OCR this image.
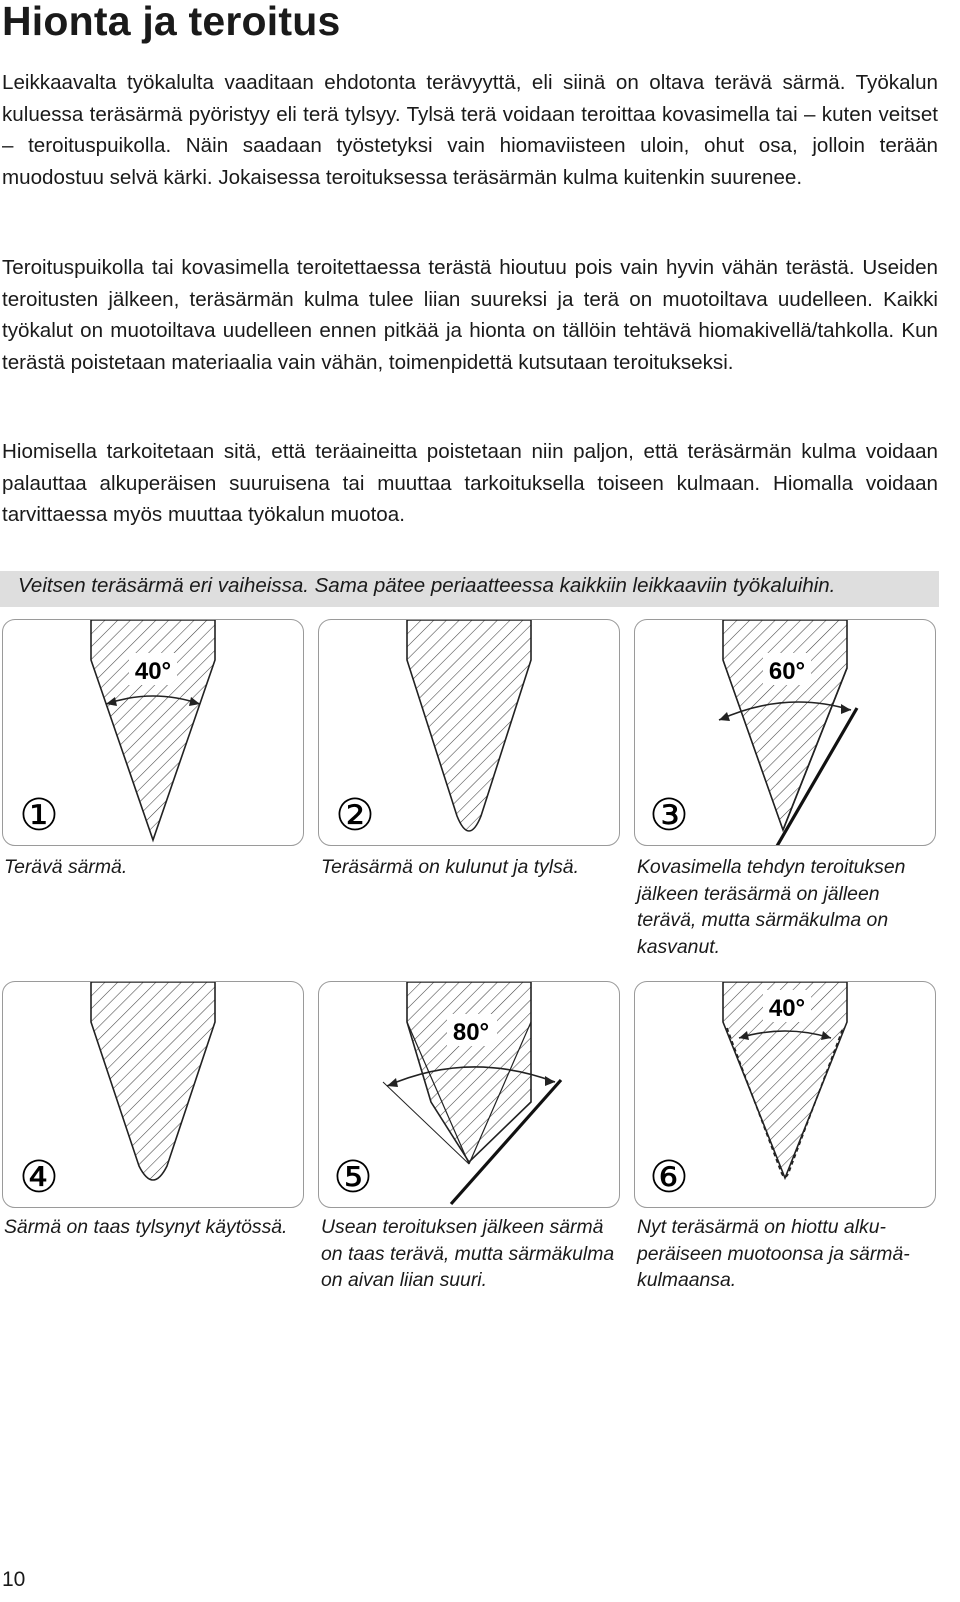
Hionta ja teroitus

Leikkaavalta työkalulta vaaditaan ehdotonta terävyyttä, eli siinä on oltava terävä särmä. Työkalun kuluessa teräsärmä pyöristyy eli terä tylsyy. Tylsä terä voidaan teroittaa kovasimella tai – kuten veitset – teroituspuikolla. Näin saadaan työstetyksi vain hiomaviisteen uloin, ohut osa, jolloin terään muodostuu selvä kärki. Jokaisessa teroituksessa teräsärmän kulma kuitenkin suurenee.

Teroituspuikolla tai kovasimella teroitettaessa terästä hioutuu pois vain hyvin vähän terästä. Useiden teroitusten jälkeen, teräsärmän kulma tulee liian suureksi ja terä on muotoiltava uudelleen. Kaikki työkalut on muotoiltava uudelleen ennen pitkää ja hionta on tällöin tehtävä hiomakivellä/tahkolla. Kun terästä poistetaan materiaalia vain vähän, toimenpidettä kutsutaan teroitukseksi.

Hiomisella tarkoitetaan sitä, että teräaineitta poistetaan niin paljon, että teräsärmän kulma voidaan palauttaa alkuperäisen suuruisena tai muuttaa tarkoituksella toiseen kulmaan. Hiomalla voidaan tarvittaessa myös muuttaa työkalun muotoa.

Veitsen teräsärmä eri vaiheissa. Sama pätee periaatteessa kaikkiin leikkaaviin työkaluihin.
40°
①	②
60°
③

Terävä särmä.	Teräsärmä on kulunut ja tylsä.	Kovasimella tehdyn teroituksen jälkeen teräsärmä on jälleen terävä, mutta särmäkulma on kasvanut.

④
80°
⑤
40°
⑥

Särmä on taas tylsynyt käytössä.	Usean teroituksen jälkeen särmä on taas terävä, mutta särmäkulma on aivan liian suuri.

Nyt teräsärmä on hiottu alkuperäiseen muotoonsa ja särmäkulmaansa.

10
